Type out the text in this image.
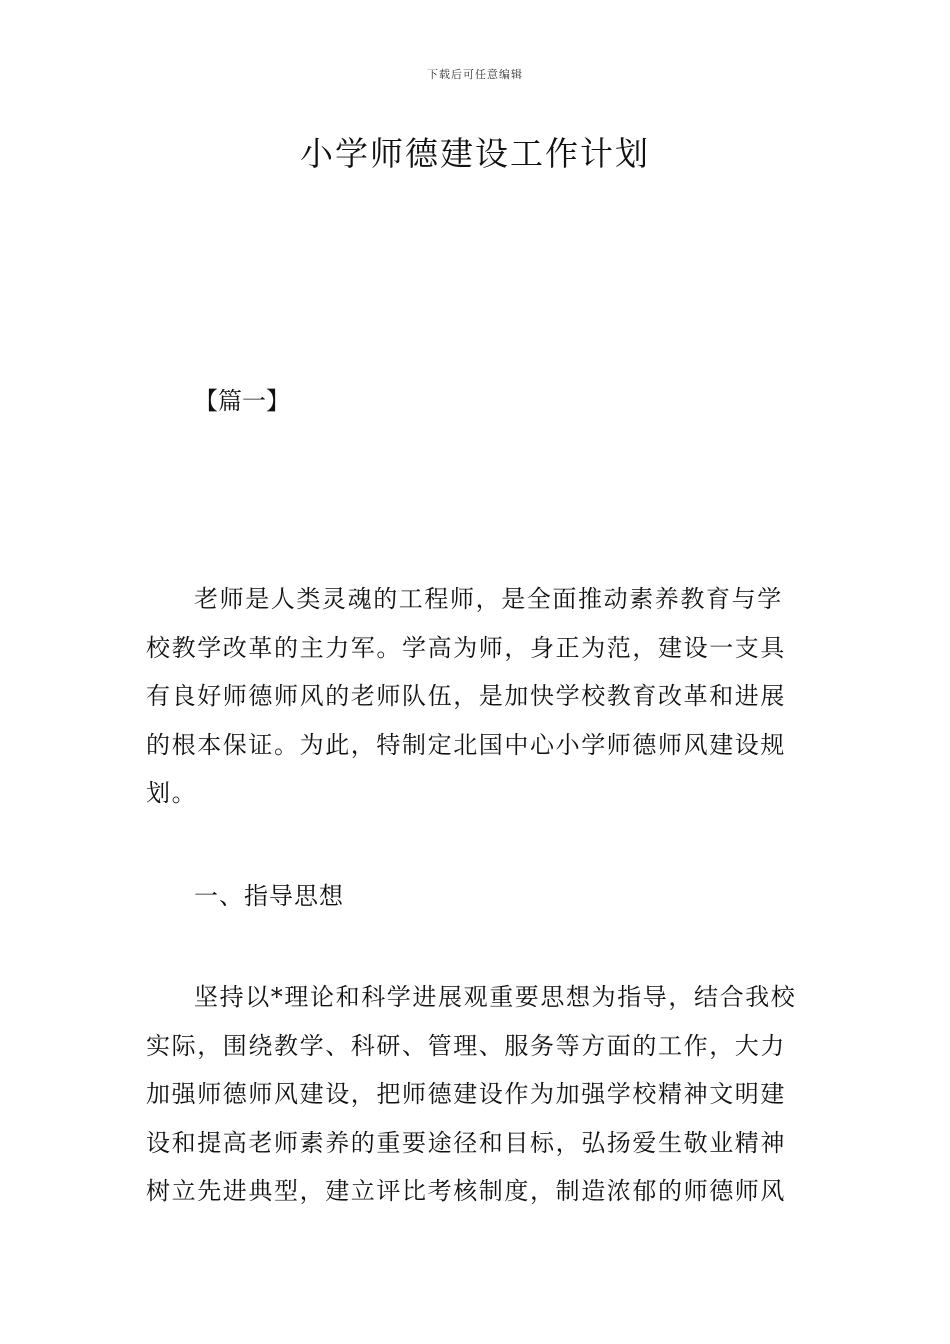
下载后可任意编辑
小学师德建设工作计划
【篇一】
老师是人类灵魂的工程师，是全面推动素养教育与学
校教学改革的主力军。学高为师，身正为范，建设一支具
有良好师德师风的老师队伍，是加快学校教育改革和进展
的根本保证。为此，特制定北国中心小学师德师风建设规
划。
一、指导思想
坚持以*理论和科学进展观重要思想为指导，结合我校
实际，围绕教学、科研、管理、服务等方面的工作，大力
加强师德师风建设，把师德建设作为加强学校精神文明建
设和提高老师素养的重要途径和目标，弘扬爱生敬业精神
树立先进典型，建立评比考核制度，制造浓郁的师德师风
